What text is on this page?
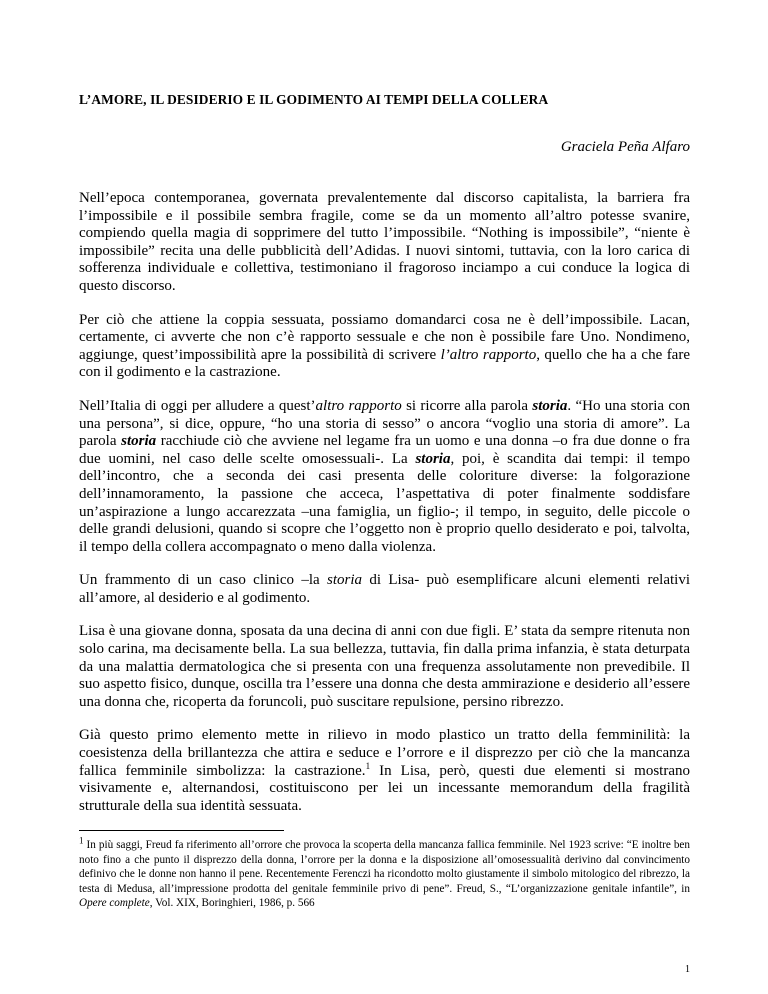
L’AMORE, IL DESIDERIO E IL GODIMENTO AI TEMPI DELLA COLLERA

Graciela Peña Alfaro

Nell’epoca contemporanea, governata prevalentemente dal discorso capitalista, la barriera fra l’impossibile e il possibile sembra fragile, come se da un momento all’altro potesse svanire, compiendo quella magia di sopprimere del tutto l’impossibile. “Nothing is impossibile”, “niente è impossibile” recita una delle pubblicità dell’Adidas. I nuovi sintomi, tuttavia, con la loro carica di sofferenza individuale e collettiva, testimoniano il fragoroso inciampo a cui conduce la logica di questo discorso.

Per ciò che attiene la coppia sessuata, possiamo domandarci cosa ne è dell’impossibile. Lacan, certamente, ci avverte che non c’è rapporto sessuale e che non è possibile fare Uno. Nondimeno, aggiunge, quest’impossibilità apre la possibilità di scrivere l’altro rapporto, quello che ha a che fare con il godimento e la castrazione.

Nell’Italia di oggi per alludere a quest’altro rapporto si ricorre alla parola storia. “Ho una storia con una persona”, si dice, oppure, “ho una storia di sesso” o ancora “voglio una storia di amore”. La parola storia racchiude ciò che avviene nel legame fra un uomo e una donna –o fra due donne o fra due uomini, nel caso delle scelte omosessuali-. La storia, poi, è scandita dai tempi: il tempo dell’incontro, che a seconda dei casi presenta delle coloriture diverse: la folgorazione dell’innamoramento, la passione che acceca, l’aspettativa di poter finalmente soddisfare un’aspirazione a lungo accarezzata –una famiglia, un figlio-; il tempo, in seguito, delle piccole o delle grandi delusioni, quando si scopre che l’oggetto non è proprio quello desiderato e poi, talvolta, il tempo della collera accompagnato o meno dalla violenza.

Un frammento di un caso clinico –la storia di Lisa- può esemplificare alcuni elementi relativi all’amore, al desiderio e al godimento.

Lisa è una giovane donna, sposata da una decina di anni con due figli. E’ stata da sempre ritenuta non solo carina, ma decisamente bella. La sua bellezza, tuttavia, fin dalla prima infanzia, è stata deturpata da una malattia dermatologica che si presenta con una frequenza assolutamente non prevedibile. Il suo aspetto fisico, dunque, oscilla tra l’essere una donna che desta ammirazione e desiderio all’essere una donna che, ricoperta da foruncoli, può suscitare repulsione, persino ribrezzo.

Già questo primo elemento mette in rilievo in modo plastico un tratto della femminilità: la coesistenza della brillantezza che attira e seduce e l’orrore e il disprezzo per ciò che la mancanza fallica femminile simbolizza: la castrazione.$^1$ In Lisa, però, questi due elementi si mostrano visivamente e, alternandosi, costituiscono per lei un incessante memorandum della fragilità strutturale della sua identità sessuata.

$^1$ In più saggi, Freud fa riferimento all’orrore che provoca la scoperta della mancanza fallica femminile. Nel 1923 scrive: “E inoltre ben noto fino a che punto il disprezzo della donna, l’orrore per la donna e la disposizione all’omosessualità derivino dal convincimento definivo che le donne non hanno il pene. Recentemente Ferenczi ha ricondotto molto giustamente il simbolo mitologico del ribrezzo, la testa di Medusa, all’impressione prodotta del genitale femminile privo di pene”. Freud, S., “L’organizzazione genitale infantile”, in Opere complete, Vol. XIX, Boringhieri, 1986, p. 566

1
